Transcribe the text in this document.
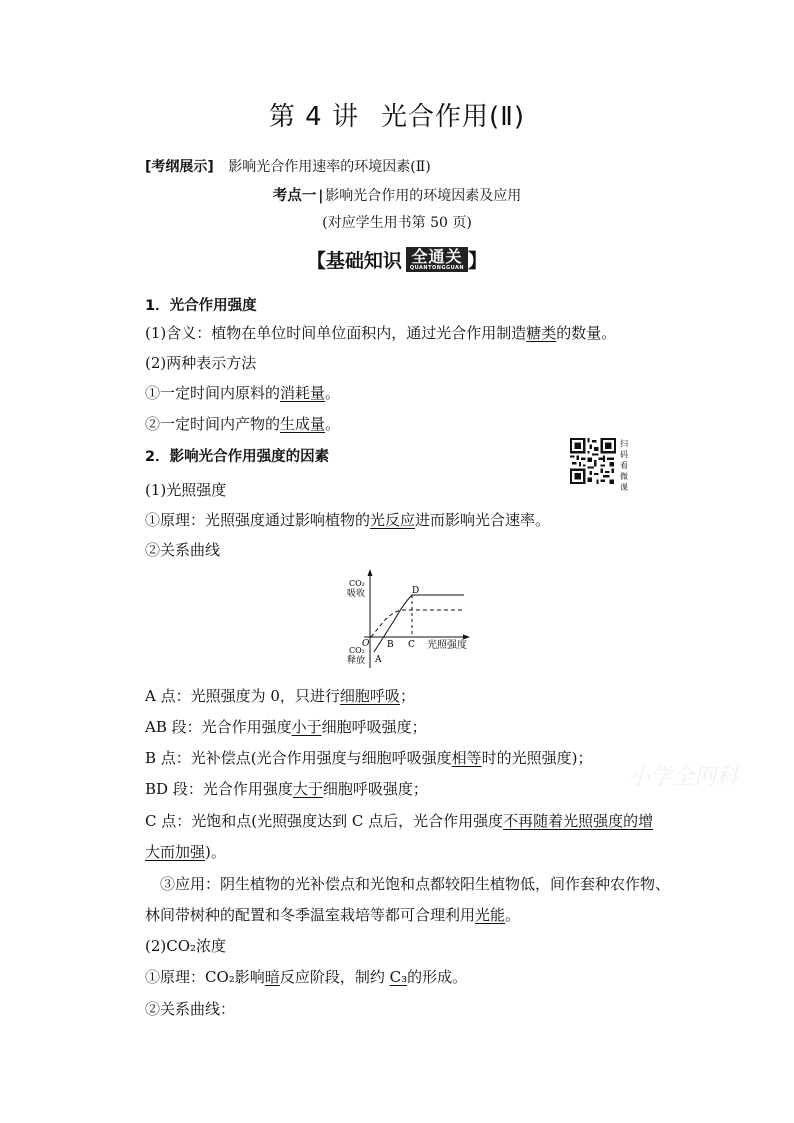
第 4 讲 光合作用(Ⅱ)
[考纲展示] 影响光合作用速率的环境因素(Ⅱ)
考点一 | 影响光合作用的环境因素及应用
(对应学生用书第 50 页)
【 基础知识 全通关
QUANTONGGUAN 】
1．光合作用强度
(1)含义：植物在单位时间单位面积内，通过光合作用制造糖类的数量。
(2)两种表示方法
①一定时间内原料的消耗量。
②一定时间内产物的生成量。
2．影响光合作用强度的因素
扫码看微课
(1)光照强度
①原理：光照强度通过影响植物的光反应进而影响光合速率。
②关系曲线
CO₂
吸收
CO₂
释放
O
A
B C
D
光照强度
A 点：光照强度为 0，只进行细胞呼吸；
AB 段：光合作用强度小于细胞呼吸强度；
B 点：光补偿点(光合作用强度与细胞呼吸强度相等时的光照强度)；
小学全网科
BD 段：光合作用强度大于细胞呼吸强度；
C 点：光饱和点(光照强度达到 C 点后，光合作用强度不再随着光照强度的增
大而加强)。
③应用：阴生植物的光补偿点和光饱和点都较阳生植物低，间作套种农作物、
林间带树种的配置和冬季温室栽培等都可合理利用光能。
(2)CO₂浓度
①原理：CO₂影响暗反应阶段，制约 C₃的形成。
②关系曲线：
